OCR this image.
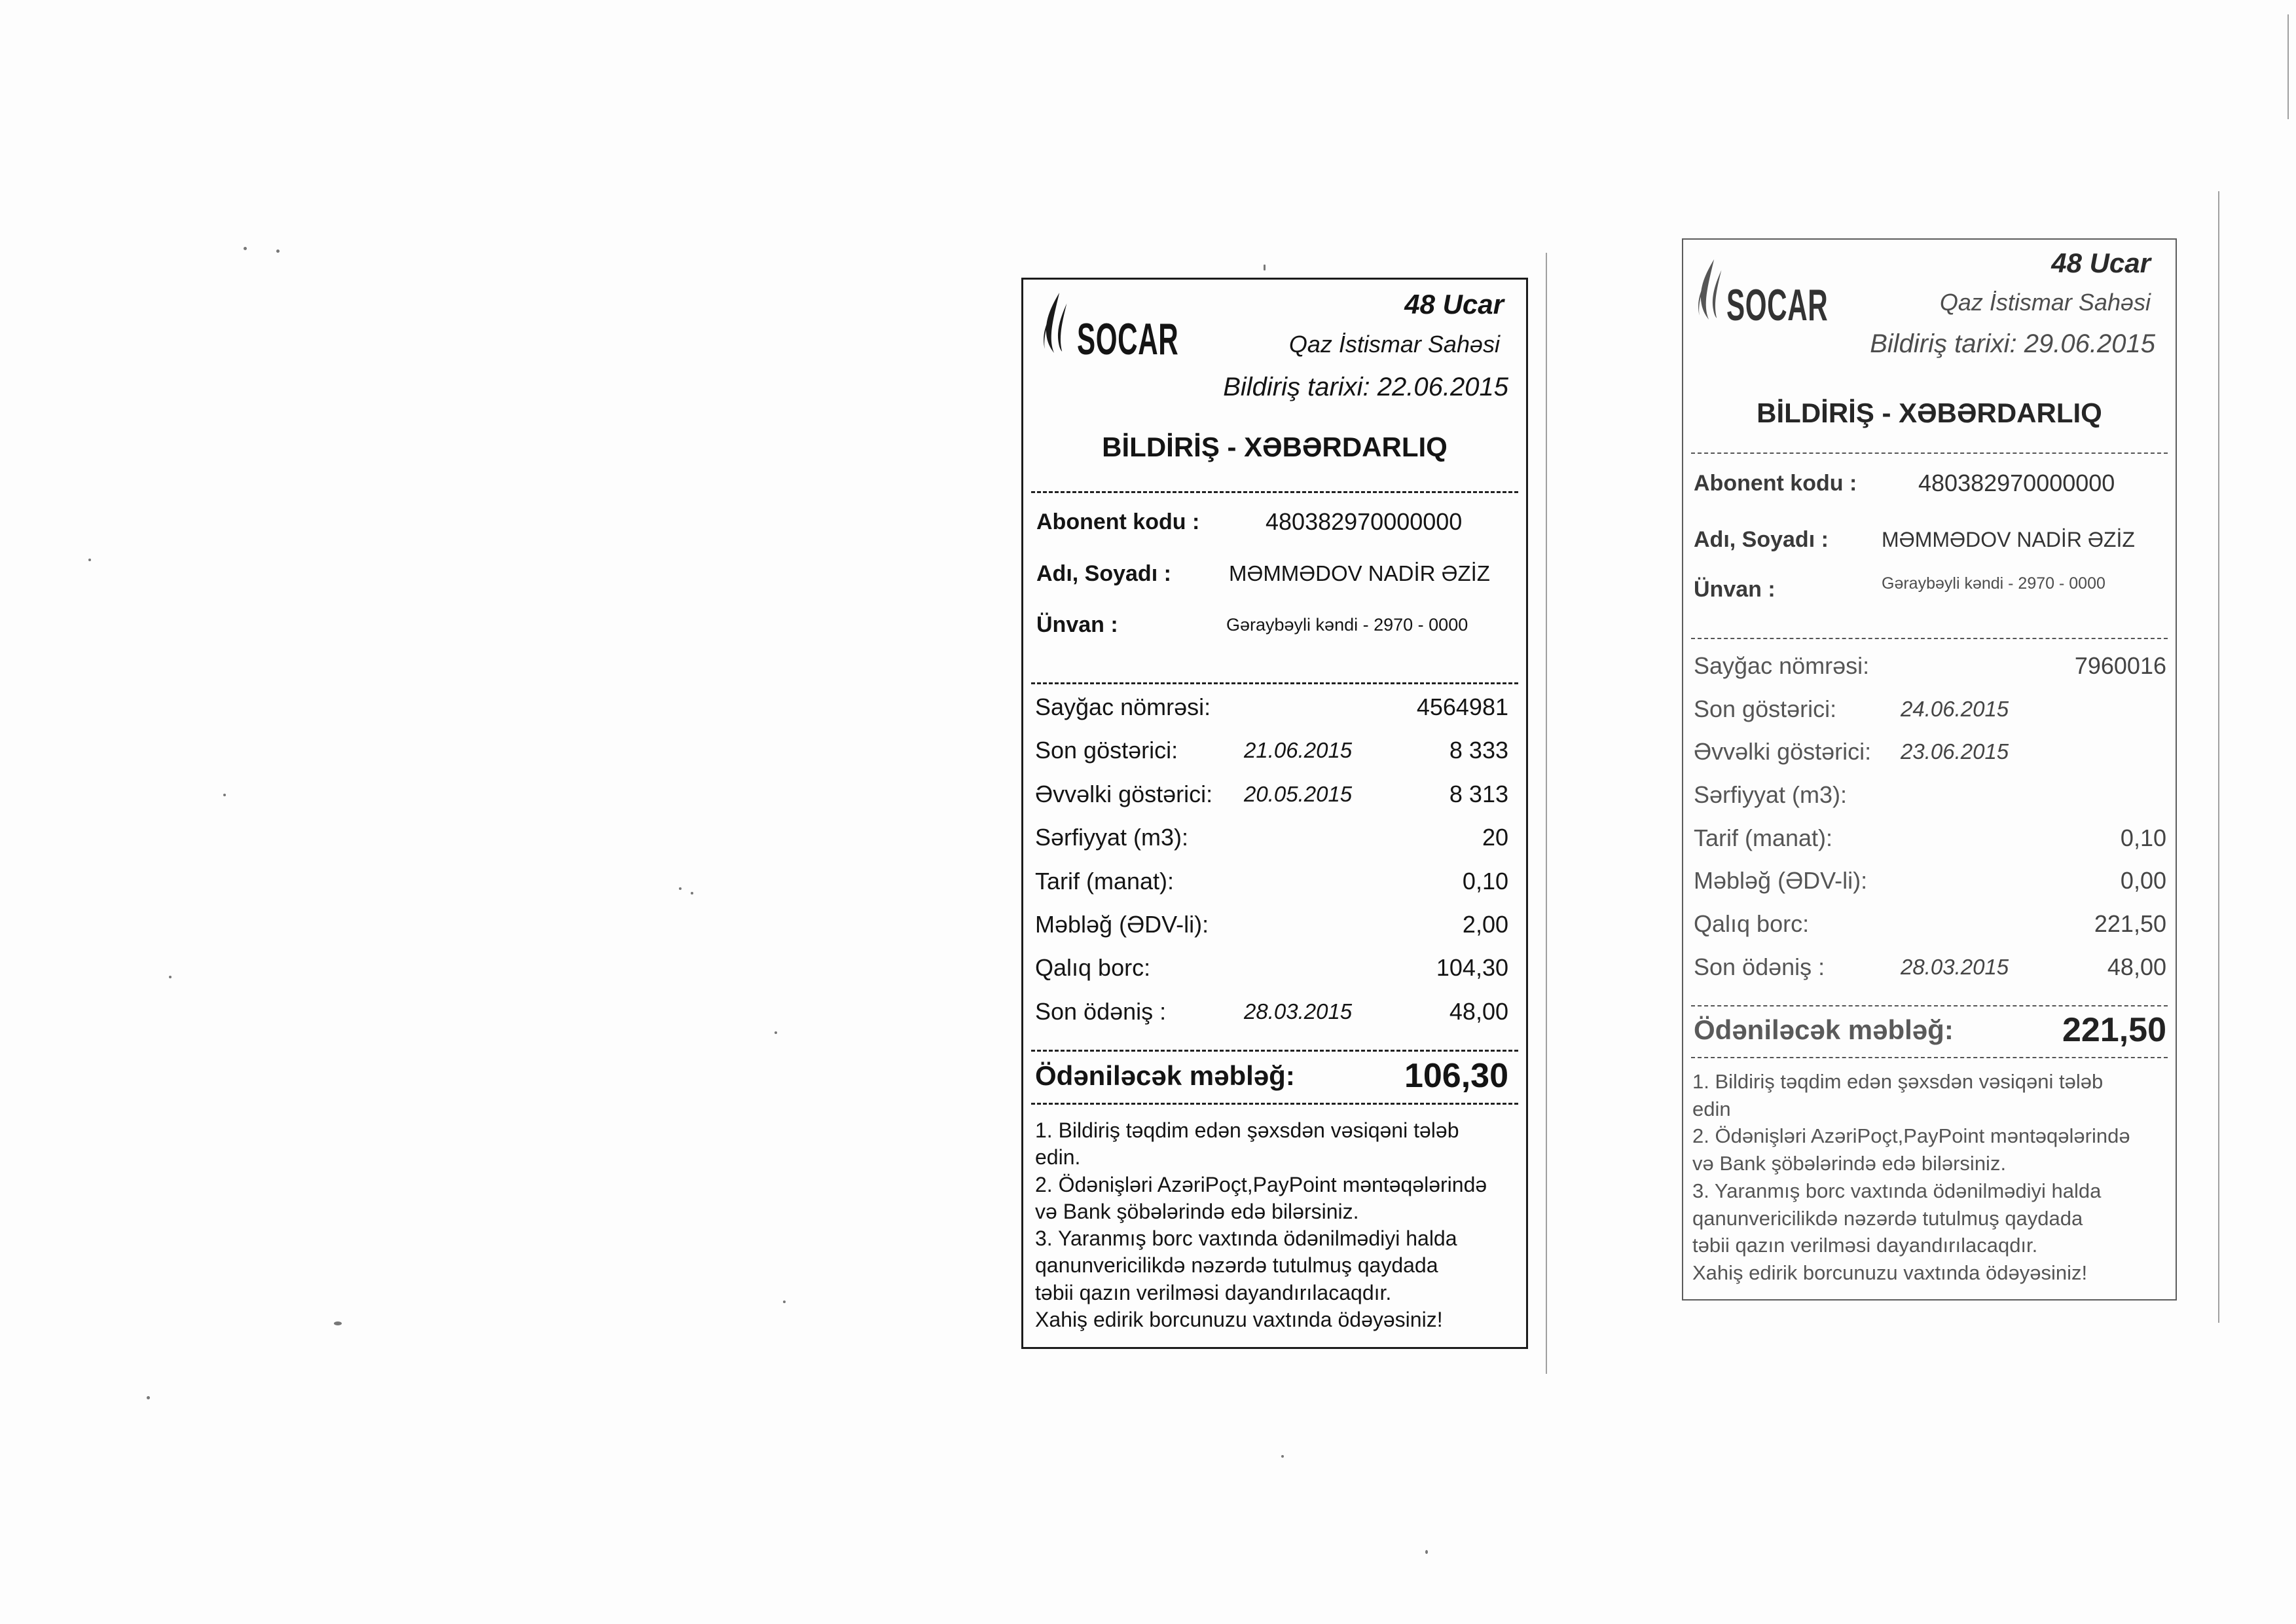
SOCAR
48 Ucar
Qaz İstismar Sahəsi
Bildiriş tarixi: 22.06.2015
BİLDİRİŞ - XƏBƏRDARLIQ
Abonent kodu :	480382970000000
Adı, Soyadı :	MƏMMƏDOV NADİR ƏZİZ
Ünvan :	Gəraybəyli kəndi - 2970 - 0000
Sayğac nömrəsi:	4564981
Son göstərici:	21.06.2015	8 333
Əvvəlki göstərici: 20.05.2015	8 313
Sərfiyyat (m3):	20
Tarif (manat):	0,10
Məbləğ (ƏDV-li):	2,00
Qalıq borc:	104,30
Son ödəniş :	28.03.2015	48,00
Ödəniləcək məbləğ:	106,30
1. Bildiriş təqdim edən şəxsdən vəsiqəni tələb
edin.
2. Ödənişləri AzəriPoçt,PayPoint məntəqələrində
və Bank şöbələrində edə bilərsiniz.
3. Yaranmış borc vaxtında ödənilmədiyi halda
qanunvericilikdə nəzərdə tutulmuş qaydada
təbii qazın verilməsi dayandırılacaqdır.
Xahiş edirik borcunuzu vaxtında ödəyəsiniz!
SOCAR
48 Ucar
Qaz İstismar Sahəsi
Bildiriş tarixi: 29.06.2015
BİLDİRİŞ - XƏBƏRDARLIQ
Abonent kodu :	480382970000000
Adı, Soyadı :	MƏMMƏDOV NADİR ƏZİZ
Ünvan :	Gəraybəyli kəndi - 2970 - 0000
Sayğac nömrəsi:	7960016
Son göstərici:	24.06.2015
Əvvəlki göstərici: 23.06.2015
Sərfiyyat (m3):
Tarif (manat):	0,10
Məbləğ (ƏDV-li):	0,00
Qalıq borc:	221,50
Son ödəniş :	28.03.2015	48,00
Ödəniləcək məbləğ:	221,50
1. Bildiriş təqdim edən şəxsdən vəsiqəni tələb
edin
2. Ödənişləri AzəriPoçt,PayPoint məntəqələrində
və Bank şöbələrində edə bilərsiniz.
3. Yaranmış borc vaxtında ödənilmədiyi halda
qanunvericilikdə nəzərdə tutulmuş qaydada
təbii qazın verilməsi dayandırılacaqdır.
Xahiş edirik borcunuzu vaxtında ödəyəsiniz!
